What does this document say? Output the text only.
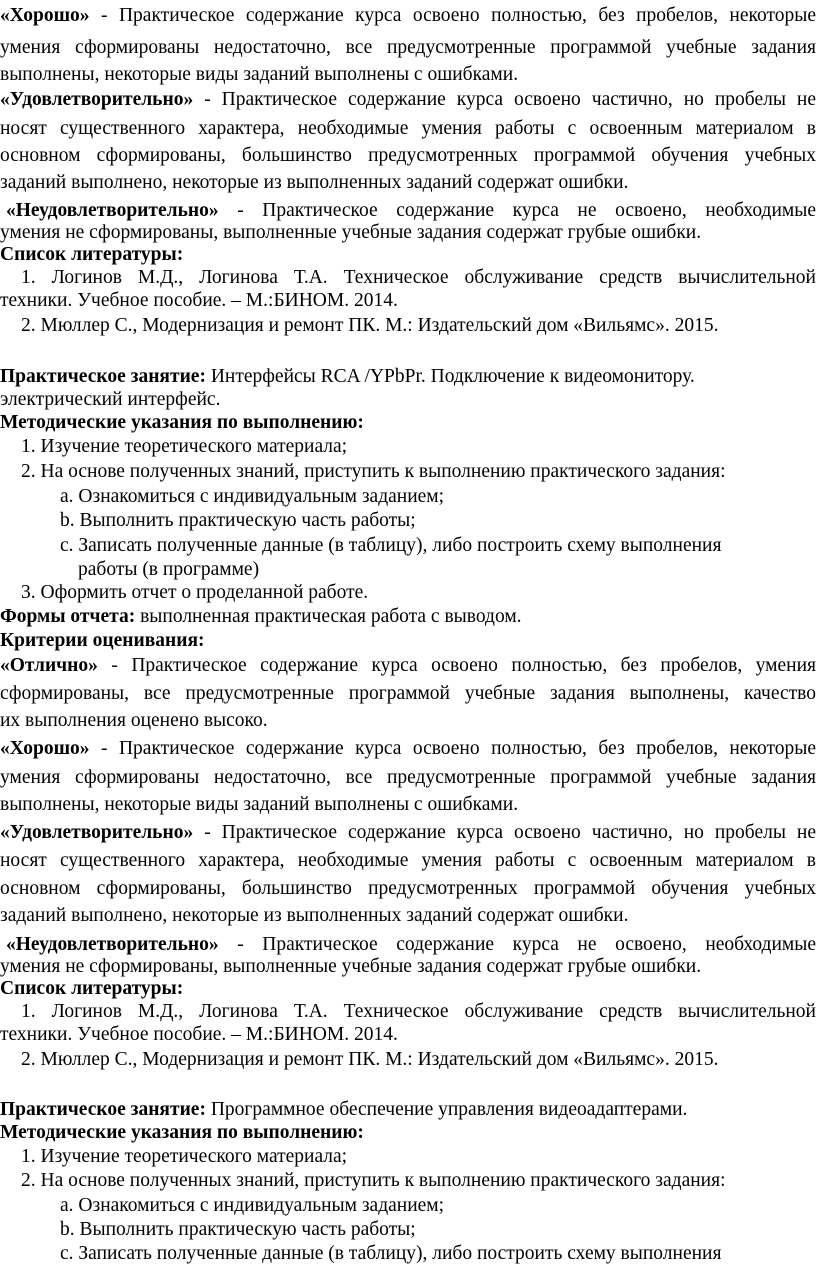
«Хорошо» - Практическое содержание курса освоено полностью, без пробелов, некоторые
умения сформированы недостаточно, все предусмотренные программой учебные задания
выполнены, некоторые виды заданий выполнены с ошибками.
«Удовлетворительно» - Практическое содержание курса освоено частично, но пробелы не
носят существенного характера, необходимые умения работы с освоенным материалом в
основном сформированы, большинство предусмотренных программой обучения учебных
заданий выполнено, некоторые из выполненных заданий содержат ошибки.
«Неудовлетворительно» - Практическое содержание курса не освоено, необходимые
умения не сформированы, выполненные учебные задания содержат грубые ошибки.
Список литературы:
1. Логинов М.Д., Логинова Т.А. Техническое обслуживание средств вычислительной
техники. Учебное пособие. – М.:БИНОМ. 2014.
2. Мюллер С., Модернизация и ремонт ПК. М.: Издательский дом «Вильямс». 2015.
Практическое занятие: Интерфейсы RCA /YPbPr. Подключение к видеомонитору.
электрический интерфейс.
Методические указания по выполнению:
1. Изучение теоретического материала;
2. На основе полученных знаний, приступить к выполнению практического задания:
a. Ознакомиться с индивидуальным заданием;
b. Выполнить практическую часть работы;
c. Записать полученные данные (в таблицу), либо построить схему выполнения
работы (в программе)
3. Оформить отчет о проделанной работе.
Формы отчета: выполненная практическая работа с выводом.
Критерии оценивания:
«Отлично» - Практическое содержание курса освоено полностью, без пробелов, умения
сформированы, все предусмотренные программой учебные задания выполнены, качество
их выполнения оценено высоко.
«Хорошо» - Практическое содержание курса освоено полностью, без пробелов, некоторые
умения сформированы недостаточно, все предусмотренные программой учебные задания
выполнены, некоторые виды заданий выполнены с ошибками.
«Удовлетворительно» - Практическое содержание курса освоено частично, но пробелы не
носят существенного характера, необходимые умения работы с освоенным материалом в
основном сформированы, большинство предусмотренных программой обучения учебных
заданий выполнено, некоторые из выполненных заданий содержат ошибки.
«Неудовлетворительно» - Практическое содержание курса не освоено, необходимые
умения не сформированы, выполненные учебные задания содержат грубые ошибки.
Список литературы:
1. Логинов М.Д., Логинова Т.А. Техническое обслуживание средств вычислительной
техники. Учебное пособие. – М.:БИНОМ. 2014.
2. Мюллер С., Модернизация и ремонт ПК. М.: Издательский дом «Вильямс». 2015.
Практическое занятие: Программное обеспечение управления видеоадаптерами.
Методические указания по выполнению:
1. Изучение теоретического материала;
2. На основе полученных знаний, приступить к выполнению практического задания:
a. Ознакомиться с индивидуальным заданием;
b. Выполнить практическую часть работы;
c. Записать полученные данные (в таблицу), либо построить схему выполнения
